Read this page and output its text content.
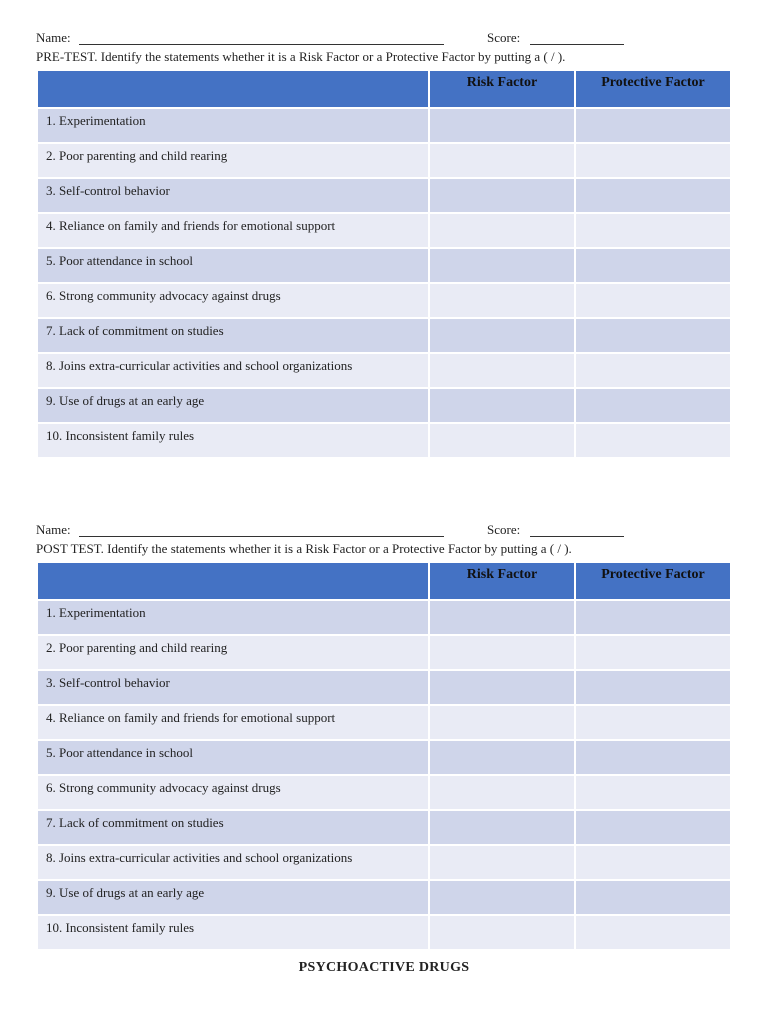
Name:	Score:
PRE-TEST. Identify the statements whether it is a Risk Factor or a Protective Factor by putting a ( / ).
	Risk Factor	Protective Factor
1. Experimentation		
2. Poor parenting and child rearing		
3. Self-control behavior		
4. Reliance on family and friends for emotional support		
5. Poor attendance in school		
6. Strong community advocacy against drugs		
7. Lack of commitment on studies		
8. Joins extra-curricular activities and school organizations		
9. Use of drugs at an early age		
10. Inconsistent family rules		
Name:	Score:
POST TEST. Identify the statements whether it is a Risk Factor or a Protective Factor by putting a ( / ).
	Risk Factor	Protective Factor
1. Experimentation		
2. Poor parenting and child rearing		
3. Self-control behavior		
4. Reliance on family and friends for emotional support		
5. Poor attendance in school		
6. Strong community advocacy against drugs		
7. Lack of commitment on studies		
8. Joins extra-curricular activities and school organizations		
9. Use of drugs at an early age		
10. Inconsistent family rules		
PSYCHOACTIVE DRUGS
